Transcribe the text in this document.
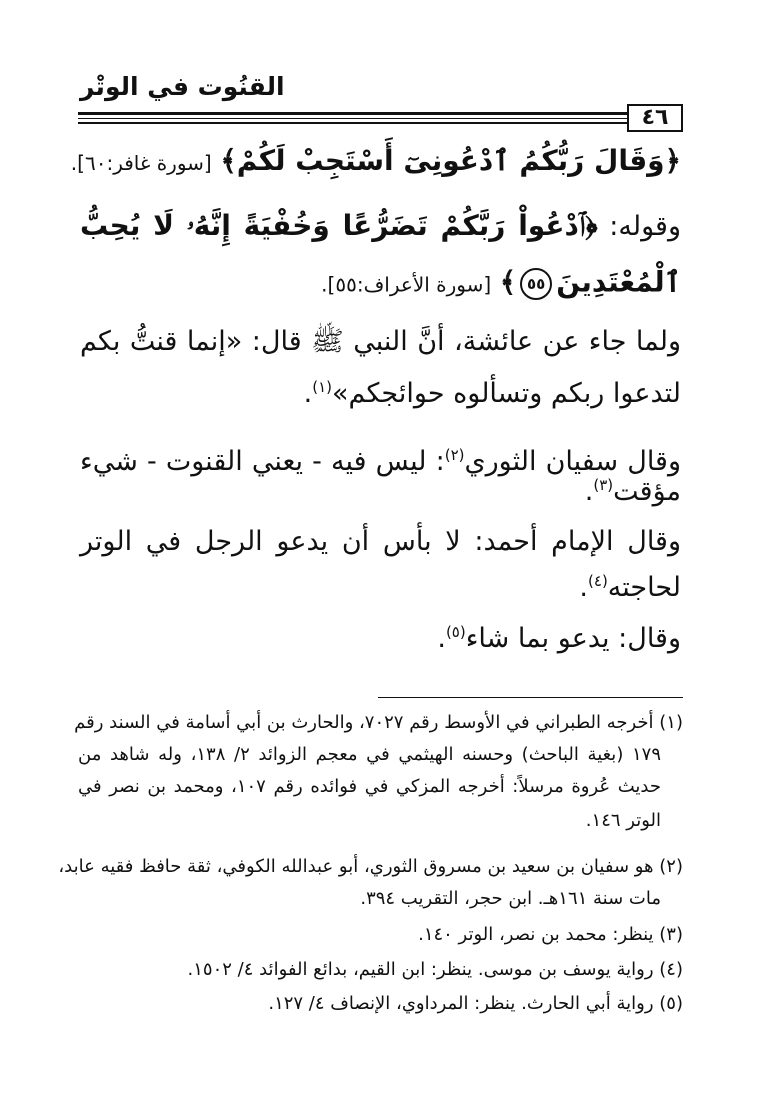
القنُوت في الوتْر
٤٦
﴿وَقَالَ رَبُّكُمُ ٱدْعُونِىٓ أَسْتَجِبْ لَكُمْ﴾ [سورة غافر:٦٠].
وقوله: ﴿ٱدْعُواْ رَبَّكُمْ تَضَرُّعًا وَخُفْيَةً إِنَّهُۥ لَا يُحِبُّ
ٱلْمُعْتَدِينَ٥٥﴾ [سورة الأعراف:٥٥].
ولما جاء عن عائشة، أنَّ النبي ﷺ قال: «إنما قنتُّ بكم
لتدعوا ربكم وتسألوه حوائجكم»$^{(١)}$.
وقال سفيان الثوري$^{(٢)}$: ليس فيه - يعني القنوت - شيء
مؤقت$^{(٣)}$.
وقال الإمام أحمد: لا بأس أن يدعو الرجل في الوتر
لحاجته$^{(٤)}$.
وقال: يدعو بما شاء$^{(٥)}$.
(١) أخرجه الطبراني في الأوسط رقم ٧٠٢٧، والحارث بن أبي أسامة في السند رقم
١٧٩ (بغية الباحث) وحسنه الهيثمي في معجم الزوائد ٢/ ١٣٨، وله شاهد من
حديث عُروة مرسلاً: أخرجه المزكي في فوائده رقم ١٠٧، ومحمد بن نصر في
الوتر ١٤٦.
(٢) هو سفيان بن سعيد بن مسروق الثوري، أبو عبدالله الكوفي، ثقة حافظ فقيه عابد،
مات سنة ١٦١هـ. ابن حجر، التقريب ٣٩٤.
(٣) ينظر: محمد بن نصر، الوتر ١٤٠.
(٤) رواية يوسف بن موسى. ينظر: ابن القيم، بدائع الفوائد ٤/ ١٥٠٢.
(٥) رواية أبي الحارث. ينظر: المرداوي، الإنصاف ٤/ ١٢٧.
